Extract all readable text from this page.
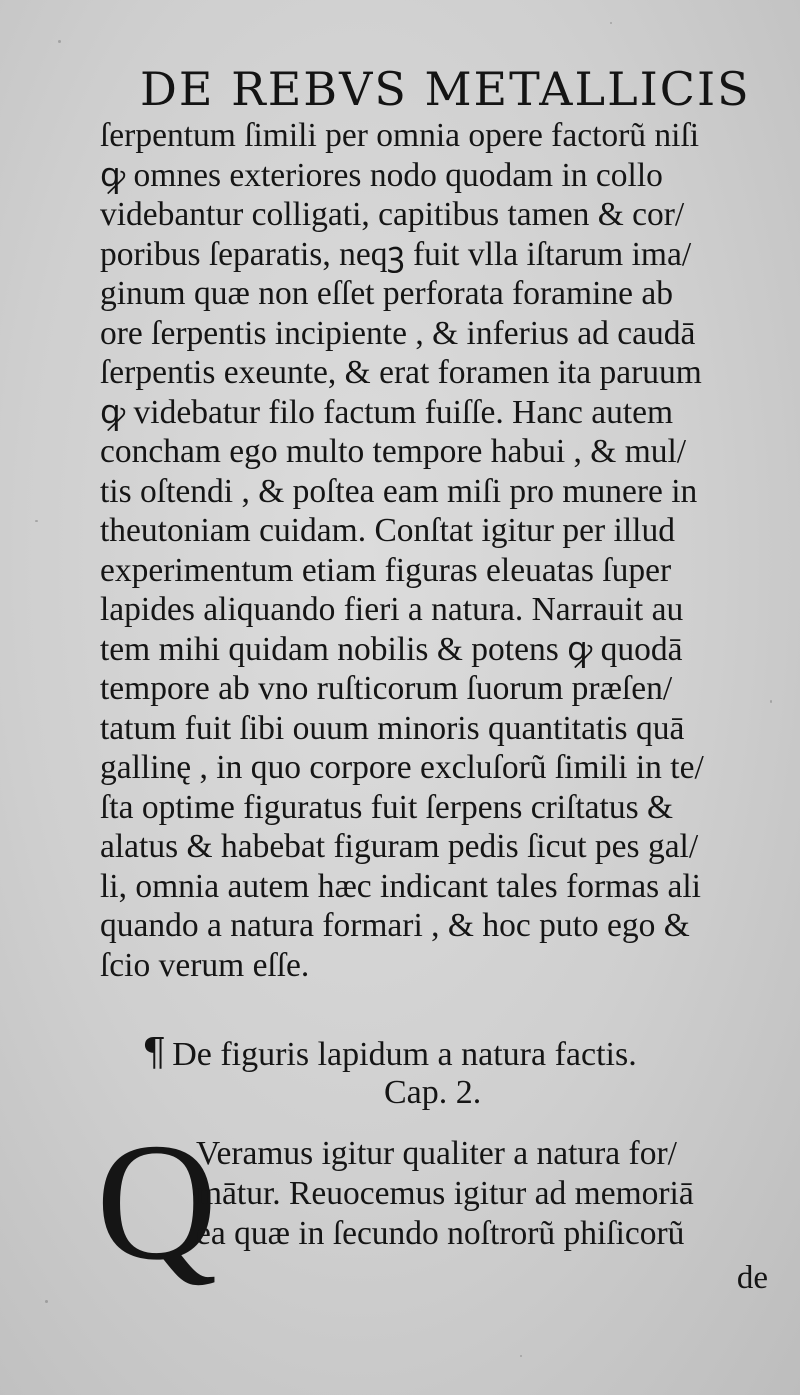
DE REBVS METALLICIS
ſerpentum ſimili per omnia opere factorũ niſi
ꝙ omnes exteriores nodo quodam in collo
videbantur colligati, capitibus tamen & cor/
poribus ſeparatis, neqꝫ fuit vlla iſtarum ima/
ginum quæ non eſſet perforata foramine ab
ore ſerpentis incipiente , & inferius ad caudā
ſerpentis exeunte, & erat foramen ita paruum
ꝙ videbatur filo factum fuiſſe. Hanc autem
concham ego multo tempore habui , & mul/
tis oſtendi , & poſtea eam miſi pro munere in
theutoniam cuidam. Conſtat igitur per illud
experimentum etiam figuras eleuatas ſuper
lapides aliquando fieri a natura. Narrauit au
tem mihi quidam nobilis & potens ꝙ quodā
tempore ab vno ruſticorum ſuorum præſen/
tatum fuit ſibi ouum minoris quantitatis quā
gallinę , in quo corpore excluſorũ ſimili in te/
ſta optime figuratus fuit ſerpens criſtatus &
alatus & habebat figuram pedis ſicut pes gal/
li, omnia autem hæc indicant tales formas ali
quando a natura formari , & hoc puto ego &
ſcio verum eſſe.
¶ De figuris lapidum a natura factis.
Cap. 2.
Q
Veramus igitur qualiter a natura for/
mātur. Reuocemus igitur ad memoriā
ea quæ in ſecundo noſtrorũ phiſicorũ
de
